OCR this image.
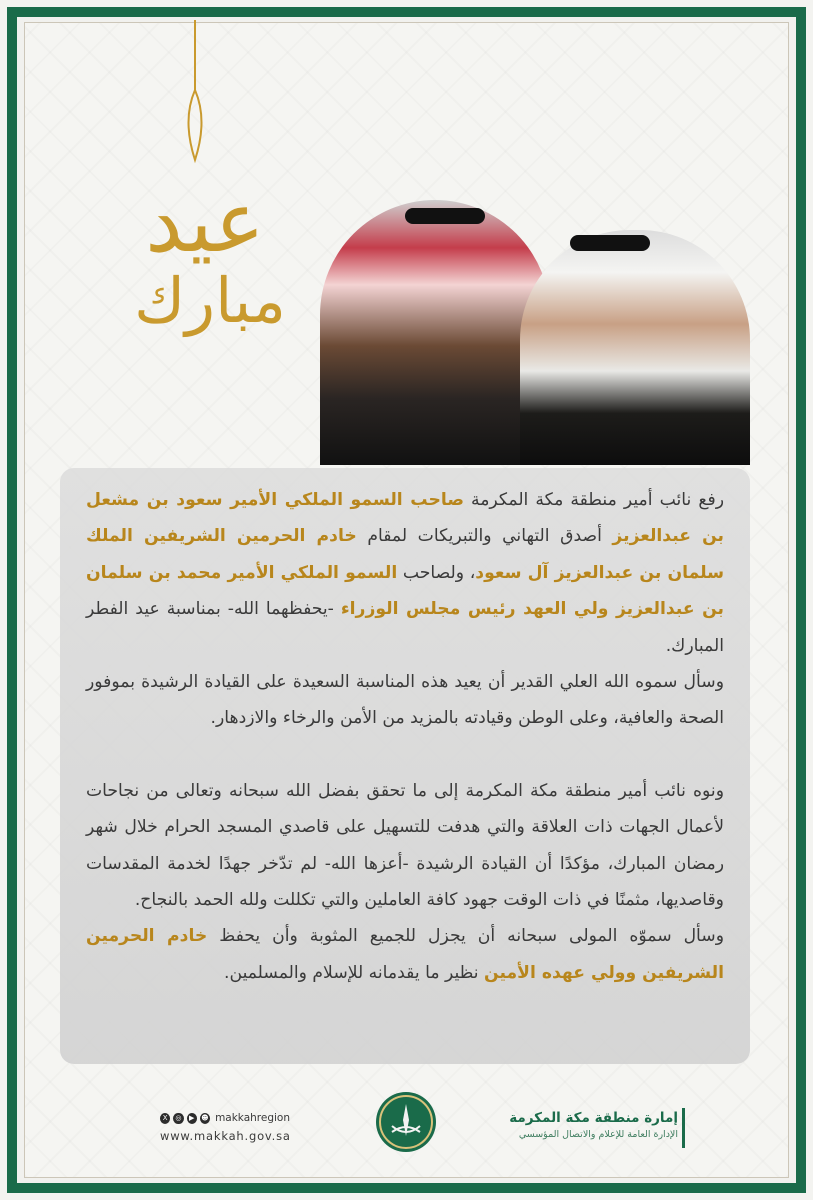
عيد
مبارك

رفع نائب أمير منطقة مكة المكرمة صاحب السمو الملكي الأمير سعود بن مشعل بن عبدالعزيز أصدق التهاني والتبريكات لمقام خادم الحرمين الشريفين الملك سلمان بن عبدالعزيز آل سعود، ولصاحب السمو الملكي الأمير محمد بن سلمان بن عبدالعزيز ولي العهد رئيس مجلس الوزراء -يحفظهما الله- بمناسبة عيد الفطر المبارك.

وسأل سموه الله العلي القدير أن يعيد هذه المناسبة السعيدة على القيادة الرشيدة بموفور الصحة والعافية، وعلى الوطن وقيادته بالمزيد من الأمن والرخاء والازدهار.

ونوه نائب أمير منطقة مكة المكرمة إلى ما تحقق بفضل الله سبحانه وتعالى من نجاحات لأعمال الجهات ذات العلاقة والتي هدفت للتسهيل على قاصدي المسجد الحرام خلال شهر رمضان المبارك، مؤكدًا أن القيادة الرشيدة -أعزها الله- لم تدّخر جهدًا لخدمة المقدسات وقاصديها، مثمنًا في ذات الوقت جهود كافة العاملين والتي تكللت ولله الحمد بالنجاح.

وسأل سموّه المولى سبحانه أن يجزل للجميع المثوبة وأن يحفظ خادم الحرمين الشريفين وولي عهده الأمين نظير ما يقدمانه للإسلام والمسلمين.

X	◎	▶ ☻ makkahregion
www.makkah.gov.sa
إمارة منطقة مكة المكرمة
الإدارة العامة للإعلام والاتصال المؤسسي
